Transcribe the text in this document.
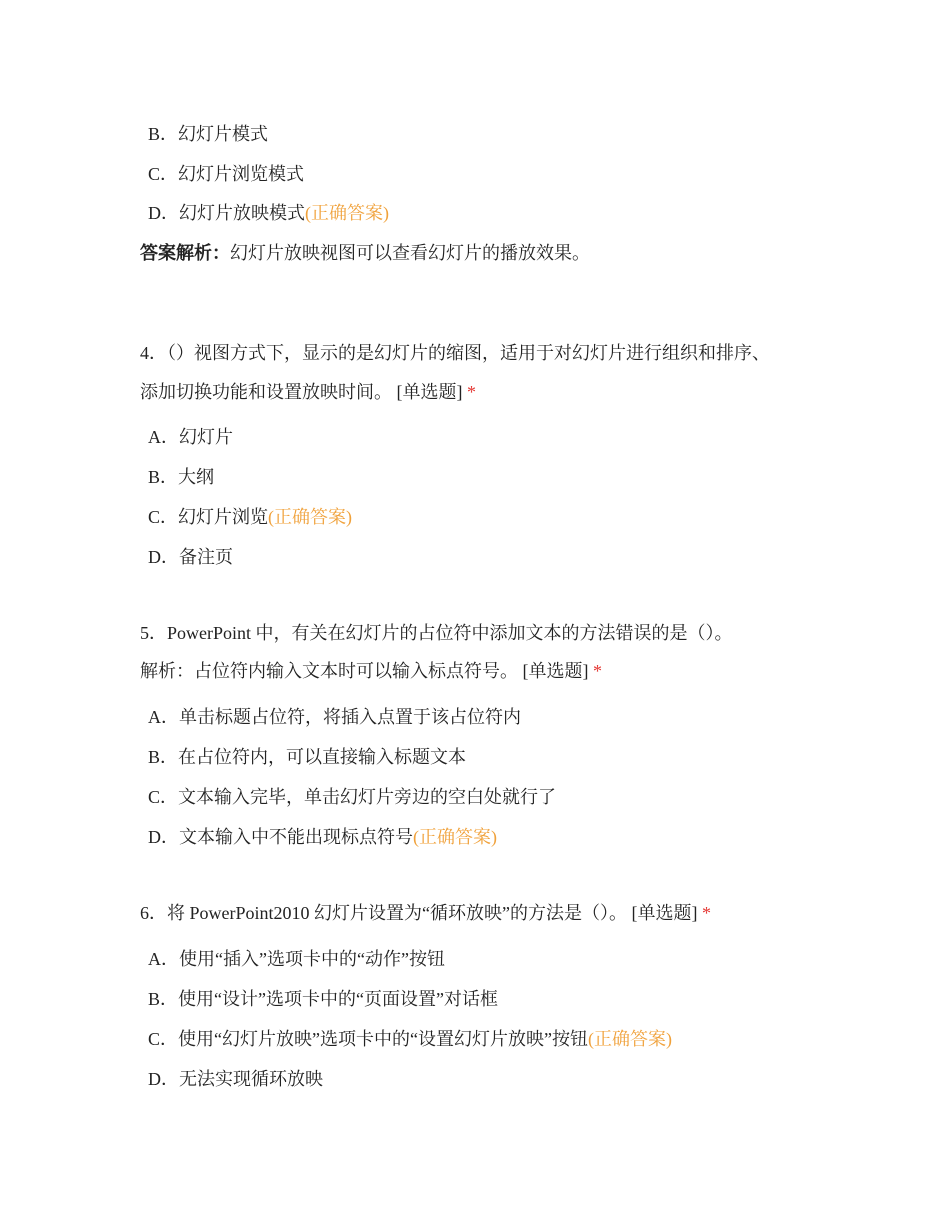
B．幻灯片模式
C．幻灯片浏览模式
D．幻灯片放映模式(正确答案)
答案解析：幻灯片放映视图可以查看幻灯片的播放效果。
4．（）视图方式下，显示的是幻灯片的缩图，适用于对幻灯片进行组织和排序、
添加切换功能和设置放映时间。 [单选题] *
A．幻灯片
B．大纲
C．幻灯片浏览(正确答案)
D．备注页
5．PowerPoint 中，有关在幻灯片的占位符中添加文本的方法错误的是（）。
解析：占位符内输入文本时可以输入标点符号。 [单选题] *
A．单击标题占位符，将插入点置于该占位符内
B．在占位符内，可以直接输入标题文本
C．文本输入完毕，单击幻灯片旁边的空白处就行了
D．文本输入中不能出现标点符号(正确答案)
6．将 PowerPoint2010 幻灯片设置为“循环放映”的方法是（）。 [单选题] *
A．使用“插入”选项卡中的“动作”按钮
B．使用“设计”选项卡中的“页面设置”对话框
C．使用“幻灯片放映”选项卡中的“设置幻灯片放映”按钮(正确答案)
D．无法实现循环放映
